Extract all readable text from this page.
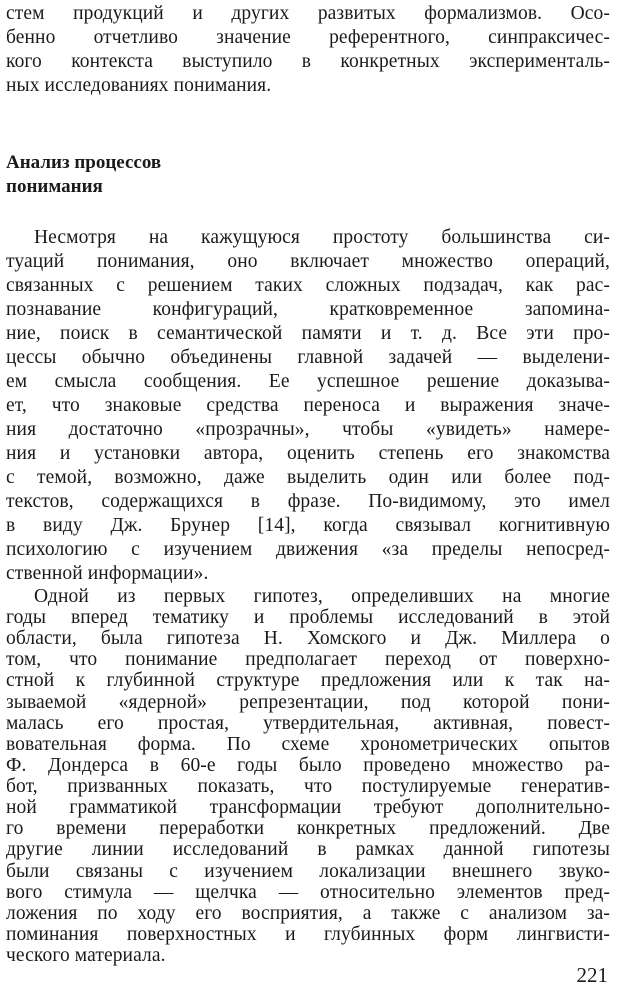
стем продукций и других развитых формализмов. Осо-
бенно отчетливо значение референтного, синпраксичес-
кого контекста выступило в конкретных эксперименталь-
ных исследованиях понимания.
Анализ процессов
понимания
Несмотря на кажущуюся простоту большинства си-
туаций понимания, оно включает множество операций,
связанных с решением таких сложных подзадач, как рас-
познавание конфигураций, кратковременное запомина-
ние, поиск в семантической памяти и т. д. Все эти про-
цессы обычно объединены главной задачей — выделени-
ем смысла сообщения. Ее успешное решение доказыва-
ет, что знаковые средства переноса и выражения значе-
ния достаточно «прозрачны», чтобы «увидеть» намере-
ния и установки автора, оценить степень его знакомства
с темой, возможно, даже выделить один или более под-
текстов, содержащихся в фразе. По-видимому, это имел
в виду Дж. Брунер [14], когда связывал когнитивную
психологию с изучением движения «за пределы непосред-
ственной информации».
Одной из первых гипотез, определивших на многие
годы вперед тематику и проблемы исследований в этой
области, была гипотеза Н. Хомского и Дж. Миллера о
том, что понимание предполагает переход от поверхно-
стной к глубинной структуре предложения или к так на-
зываемой «ядерной» репрезентации, под которой пони-
малась его простая, утвердительная, активная, повест-
вовательная форма. По схеме хронометрических опытов
Ф. Дондерса в 60-е годы было проведено множество ра-
бот, призванных показать, что постулируемые генератив-
ной грамматикой трансформации требуют дополнительно-
го времени переработки конкретных предложений. Две
другие линии исследований в рамках данной гипотезы
были связаны с изучением локализации внешнего звуко-
вого стимула — щелчка — относительно элементов пред-
ложения по ходу его восприятия, а также с анализом за-
поминания поверхностных и глубинных форм лингвисти-
ческого материала.
221
